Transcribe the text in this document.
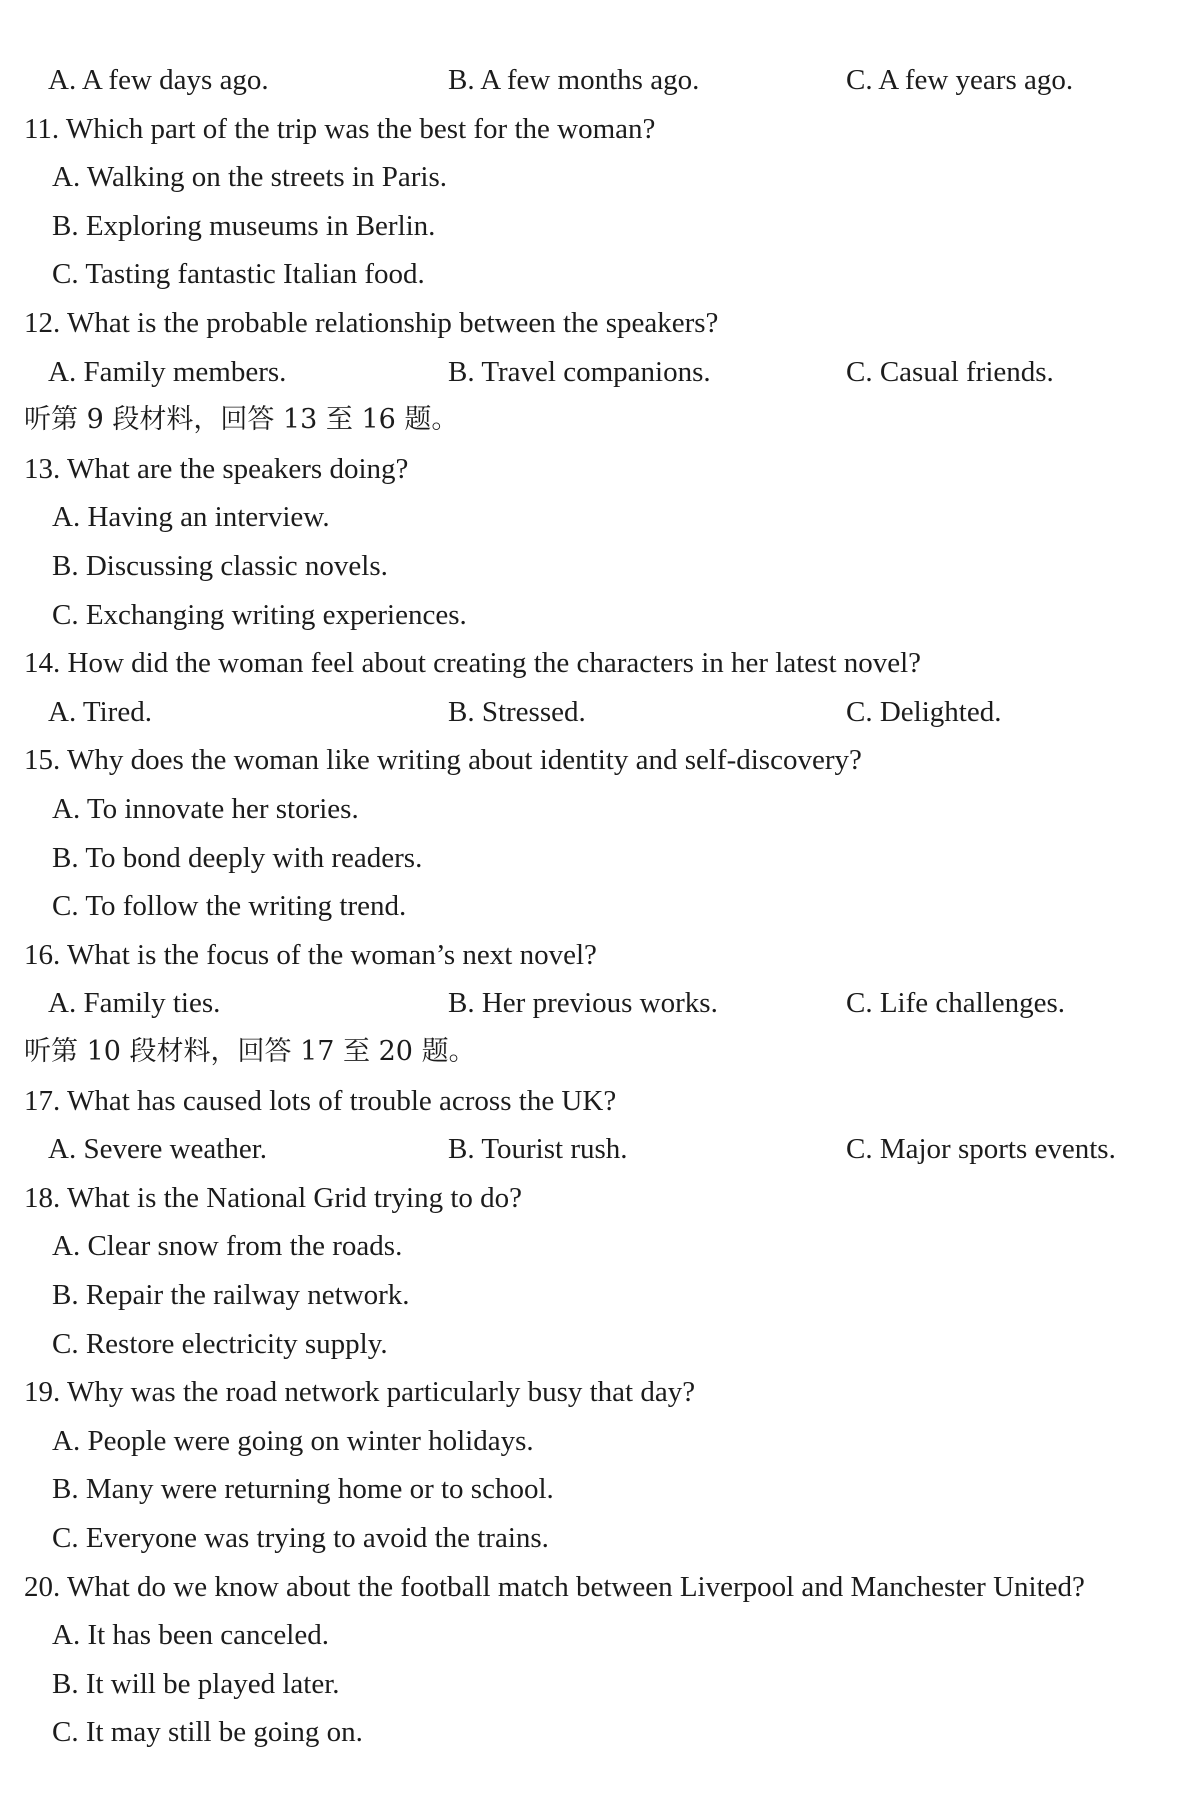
A. A few days ago.	B. A few months ago.	C. A few years ago.
11. Which part of the trip was the best for the woman?
A. Walking on the streets in Paris.
B. Exploring museums in Berlin.
C. Tasting fantastic Italian food.
12. What is the probable relationship between the speakers?
A. Family members.	B. Travel companions.	C. Casual friends.
听第 9 段材料，回答 13 至 16 题。
13. What are the speakers doing?
A. Having an interview.
B. Discussing classic novels.
C. Exchanging writing experiences.
14. How did the woman feel about creating the characters in her latest novel?
A. Tired.	B. Stressed.	C. Delighted.
15. Why does the woman like writing about identity and self-discovery?
A. To innovate her stories.
B. To bond deeply with readers.
C. To follow the writing trend.
16. What is the focus of the woman’s next novel?
A. Family ties.	B. Her previous works.	C. Life challenges.
听第 10 段材料，回答 17 至 20 题。
17. What has caused lots of trouble across the UK?
A. Severe weather.	B. Tourist rush.	C. Major sports events.
18. What is the National Grid trying to do?
A. Clear snow from the roads.
B. Repair the railway network.
C. Restore electricity supply.
19. Why was the road network particularly busy that day?
A. People were going on winter holidays.
B. Many were returning home or to school.
C. Everyone was trying to avoid the trains.
20. What do we know about the football match between Liverpool and Manchester United?
A. It has been canceled.
B. It will be played later.
C. It may still be going on.
